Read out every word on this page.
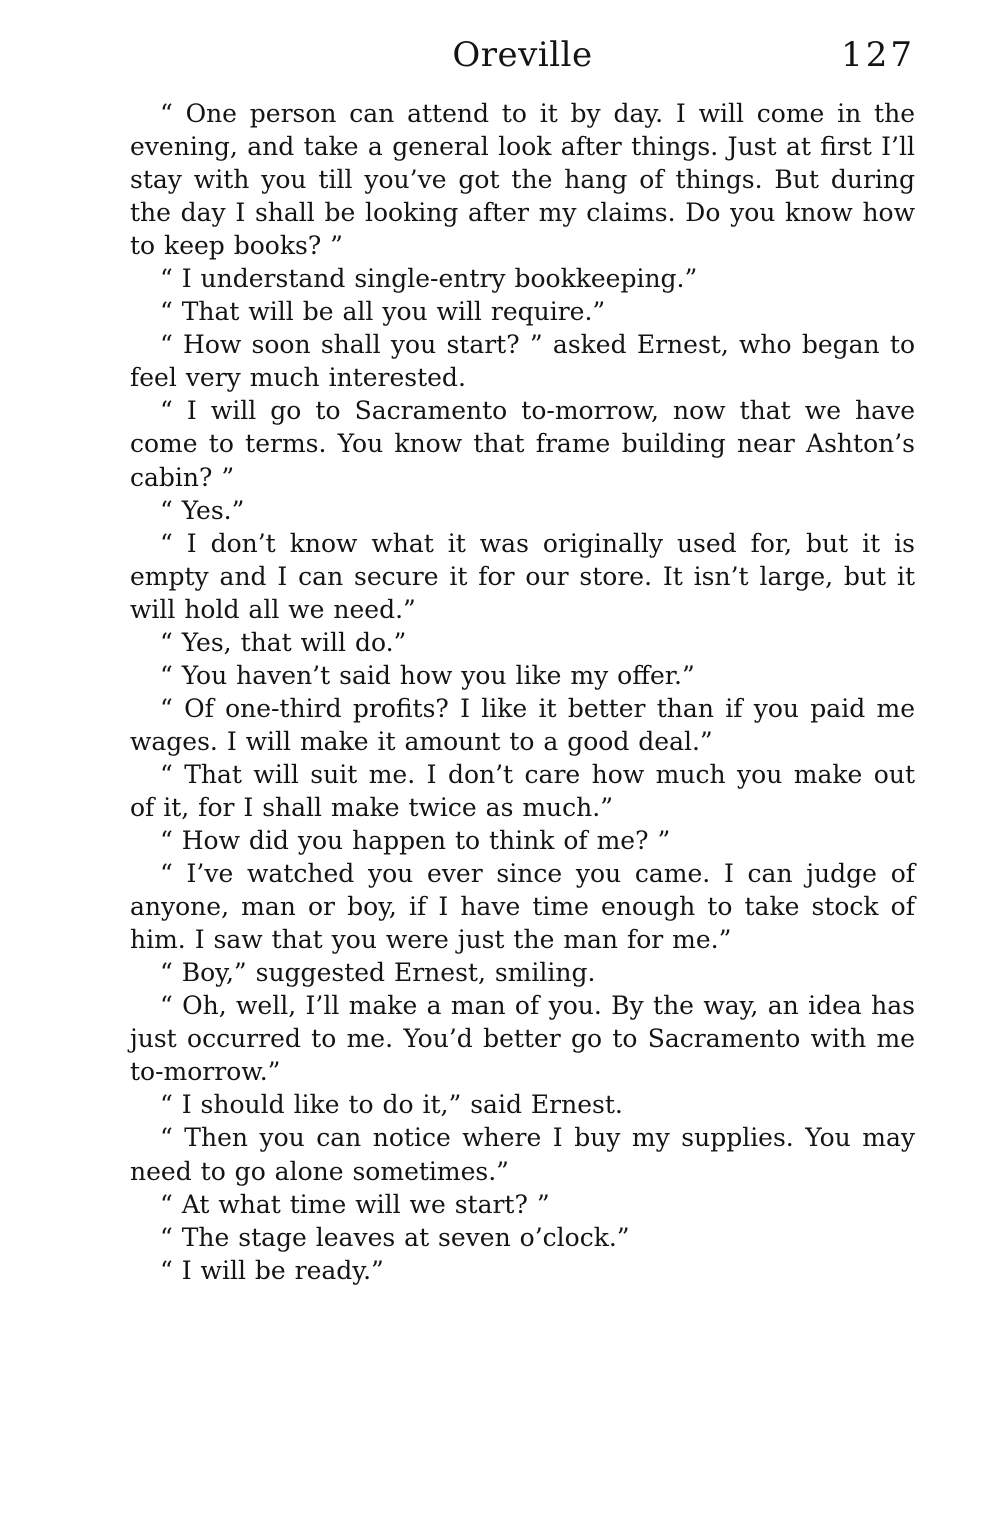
Oreville	127

“ One person can attend to it by day. I will come in the evening, and take a general look after things. Just at first I’ll stay with you till you’ve got the hang of things. But during the day I shall be looking after my claims. Do you know how to keep books? ”

“ I understand single-entry bookkeeping.”

“ That will be all you will require.”

“ How soon shall you start? ” asked Ernest, who began to feel very much interested.

“ I will go to Sacramento to-morrow, now that we have come to terms. You know that frame building near Ashton’s cabin? ”

“ Yes.”

“ I don’t know what it was originally used for, but it is empty and I can secure it for our store. It isn’t large, but it will hold all we need.”

“ Yes, that will do.”

“ You haven’t said how you like my offer.”

“ Of one-third profits? I like it better than if you paid me wages. I will make it amount to a good deal.”

“ That will suit me. I don’t care how much you make out of it, for I shall make twice as much.”

“ How did you happen to think of me? ”

“ I’ve watched you ever since you came. I can judge of anyone, man or boy, if I have time enough to take stock of him. I saw that you were just the man for me.”

“ Boy,” suggested Ernest, smiling.

“ Oh, well, I’ll make a man of you. By the way, an idea has just occurred to me. You’d better go to Sacramento with me to-morrow.”

“ I should like to do it,” said Ernest.

“ Then you can notice where I buy my supplies. You may need to go alone sometimes.”

“ At what time will we start? ”

“ The stage leaves at seven o’clock.”

“ I will be ready.”
